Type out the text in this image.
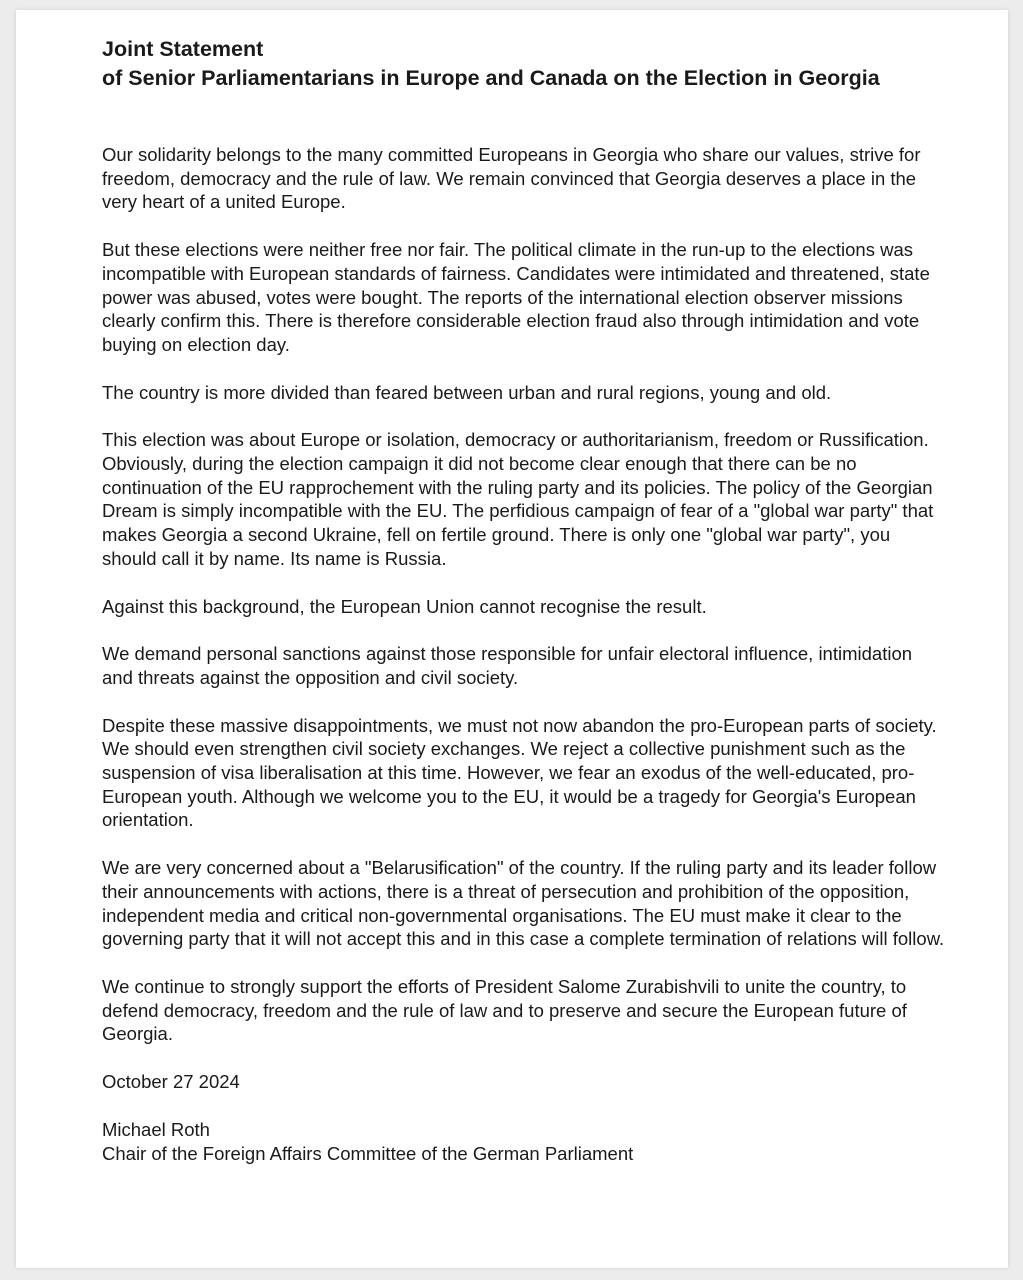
Joint Statement
of Senior Parliamentarians in Europe and Canada on the Election in Georgia

Our solidarity belongs to the many committed Europeans in Georgia who share our values, strive for freedom, democracy and the rule of law. We remain convinced that Georgia deserves a place in the very heart of a united Europe.

But these elections were neither free nor fair. The political climate in the run-up to the elections was incompatible with European standards of fairness. Candidates were intimidated and threatened, state power was abused, votes were bought. The reports of the international election observer missions clearly confirm this. There is therefore considerable election fraud also through intimidation and vote buying on election day.

The country is more divided than feared between urban and rural regions, young and old.

This election was about Europe or isolation, democracy or authoritarianism, freedom or Russification. Obviously, during the election campaign it did not become clear enough that there can be no continuation of the EU rapprochement with the ruling party and its policies. The policy of the Georgian Dream is simply incompatible with the EU. The perfidious campaign of fear of a "global war party" that makes Georgia a second Ukraine, fell on fertile ground. There is only one "global war party", you should call it by name. Its name is Russia.

Against this background, the European Union cannot recognise the result.

We demand personal sanctions against those responsible for unfair electoral influence, intimidation and threats against the opposition and civil society.

Despite these massive disappointments, we must not now abandon the pro-European parts of society. We should even strengthen civil society exchanges. We reject a collective punishment such as the suspension of visa liberalisation at this time. However, we fear an exodus of the well-educated, pro-European youth. Although we welcome you to the EU, it would be a tragedy for Georgia's European orientation.

We are very concerned about a "Belarusification" of the country. If the ruling party and its leader follow their announcements with actions, there is a threat of persecution and prohibition of the opposition, independent media and critical non-governmental organisations. The EU must make it clear to the governing party that it will not accept this and in this case a complete termination of relations will follow.

We continue to strongly support the efforts of President Salome Zurabishvili to unite the country, to defend democracy, freedom and the rule of law and to preserve and secure the European future of Georgia.

October 27 2024

Michael Roth
Chair of the Foreign Affairs Committee of the German Parliament
